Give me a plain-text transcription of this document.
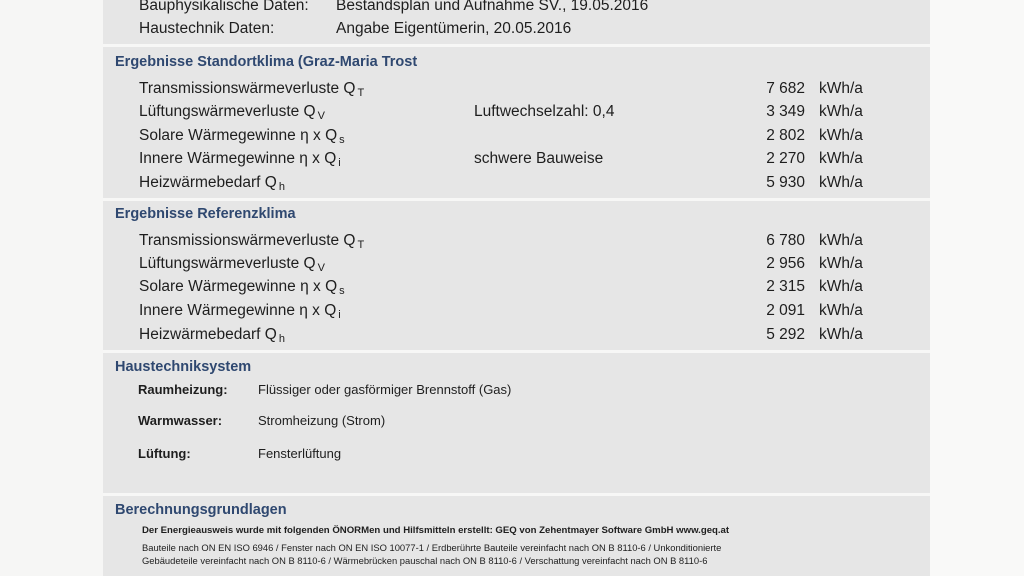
Bauphysikalische Daten: Bestandsplan und Aufnahme SV., 19.05.2016
Haustechnik Daten:	Angabe Eigentümerin, 20.05.2016
Ergebnisse Standortklima (Graz-Maria Trost
Transmissionswärmeverluste Q $_T$	7 682 kWh/a
Lüftungswärmeverluste Q $_V$	Luftwechselzahl: 0,4	3 349 kWh/a
Solare Wärmegewinne η x Q $_s$	2 802 kWh/a
Innere Wärmegewinne η x Q $_i$	schwere Bauweise	2 270 kWh/a
Heizwärmebedarf Q $_h$	5 930 kWh/a
Ergebnisse Referenzklima
Transmissionswärmeverluste Q $_T$	6 780 kWh/a
Lüftungswärmeverluste Q $_V$	2 956 kWh/a
Solare Wärmegewinne η x Q $_s$	2 315 kWh/a
Innere Wärmegewinne η x Q $_i$	2 091 kWh/a
Heizwärmebedarf Q $_h$	5 292 kWh/a
Haustechniksystem
Raumheizung: Flüssiger oder gasförmiger Brennstoff (Gas)
Warmwasser:	Stromheizung (Strom)
Lüftung:	Fensterlüftung
Berechnungsgrundlagen
Der Energieausweis wurde mit folgenden ÖNORMen und Hilfsmitteln erstellt: GEQ von Zehentmayer Software GmbH www.geq.at
Bauteile nach ON EN ISO 6946 / Fenster nach ON EN ISO 10077-1 / Erdberührte Bauteile vereinfacht nach ON B 8110-6 / Unkonditionierte
Gebäudeteile vereinfacht nach ON B 8110-6 / Wärmebrücken pauschal nach ON B 8110-6 / Verschattung vereinfacht nach ON B 8110-6
